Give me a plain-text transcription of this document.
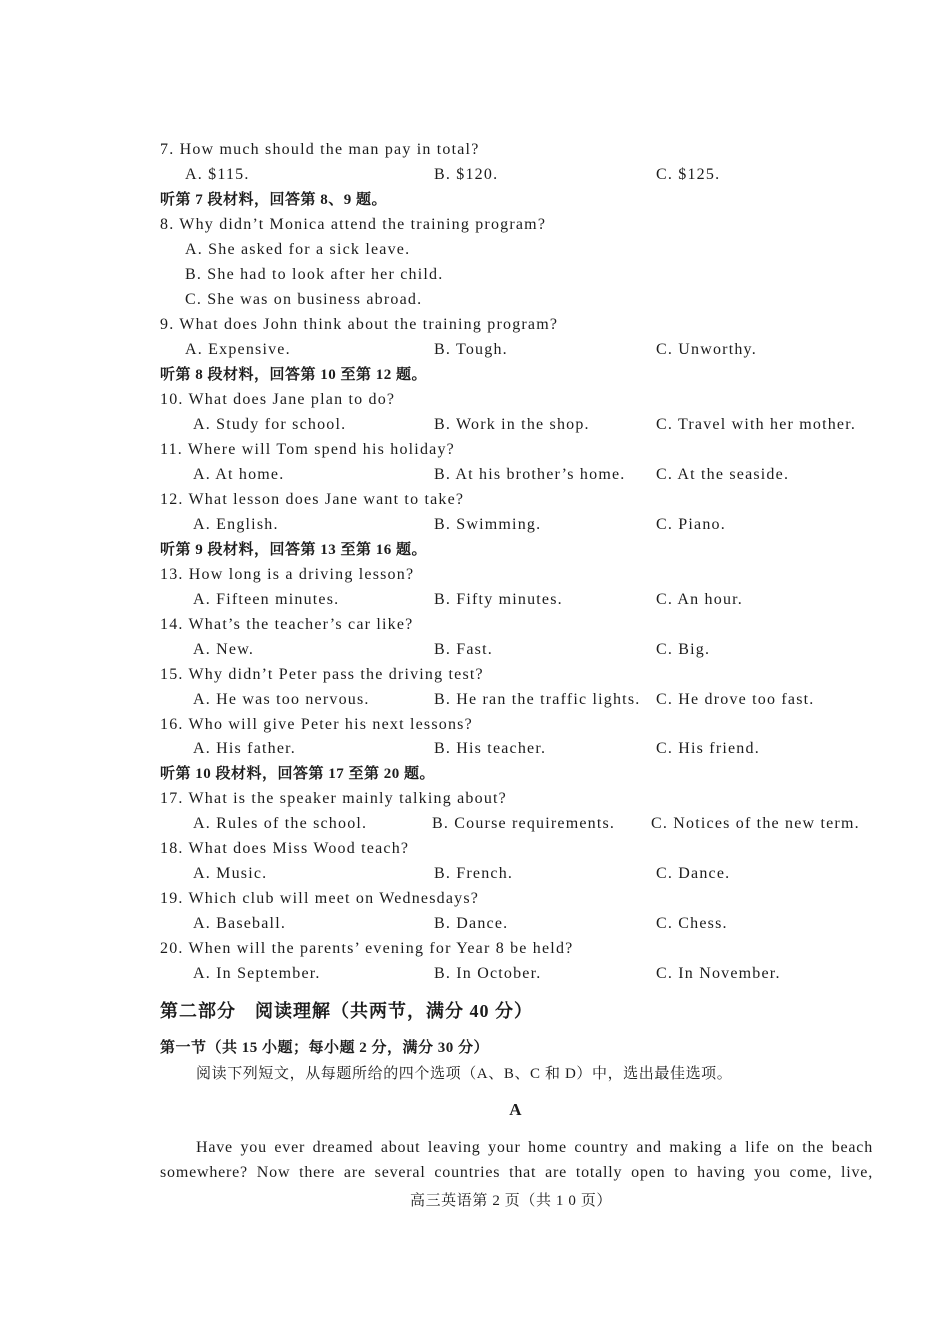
7. How much should the man pay in total?
A. $115.	B. $120.	C. $125.
听第 7 段材料，回答第 8、9 题。
8. Why didn’t Monica attend the training program?
A. She asked for a sick leave.
B. She had to look after her child.
C. She was on business abroad.
9. What does John think about the training program?
A. Expensive.	B. Tough.	C. Unworthy.
听第 8 段材料，回答第 10 至第 12 题。
10. What does Jane plan to do?
A. Study for school.	B. Work in the shop.	C. Travel with her mother.
11. Where will Tom spend his holiday?
A. At home.	B. At his brother’s home. C. At the seaside.
12. What lesson does Jane want to take?
A. English.	B. Swimming.	C. Piano.
听第 9 段材料，回答第 13 至第 16 题。
13. How long is a driving lesson?
A. Fifteen minutes.	B. Fifty minutes.	C. An hour.
14. What’s the teacher’s car like?
A. New.	B. Fast.	C. Big.
15. Why didn’t Peter pass the driving test?
A. He was too nervous.	B. He ran the traffic lights. C. He drove too fast.
16. Who will give Peter his next lessons?
A. His father.	B. His teacher.	C. His friend.
听第 10 段材料，回答第 17 至第 20 题。
17. What is the speaker mainly talking about?
A. Rules of the school.	B. Course requirements. C. Notices of the new term.
18. What does Miss Wood teach?
A. Music.	B. French.	C. Dance.
19. Which club will meet on Wednesdays?
A. Baseball.	B. Dance.	C. Chess.
20. When will the parents’ evening for Year 8 be held?
A. In September.	B. In October.	C. In November.
第二部分　阅读理解（共两节，满分 40 分）
第一节（共 15 小题；每小题 2 分，满分 30 分）
阅读下列短文，从每题所给的四个选项（A、B、C 和 D）中，选出最佳选项。
A
Have you ever dreamed about leaving your home country and making a life on the beach
somewhere? Now there are several countries that are totally open to having you come, live,
高三英语第 2 页（共 1 0 页）
